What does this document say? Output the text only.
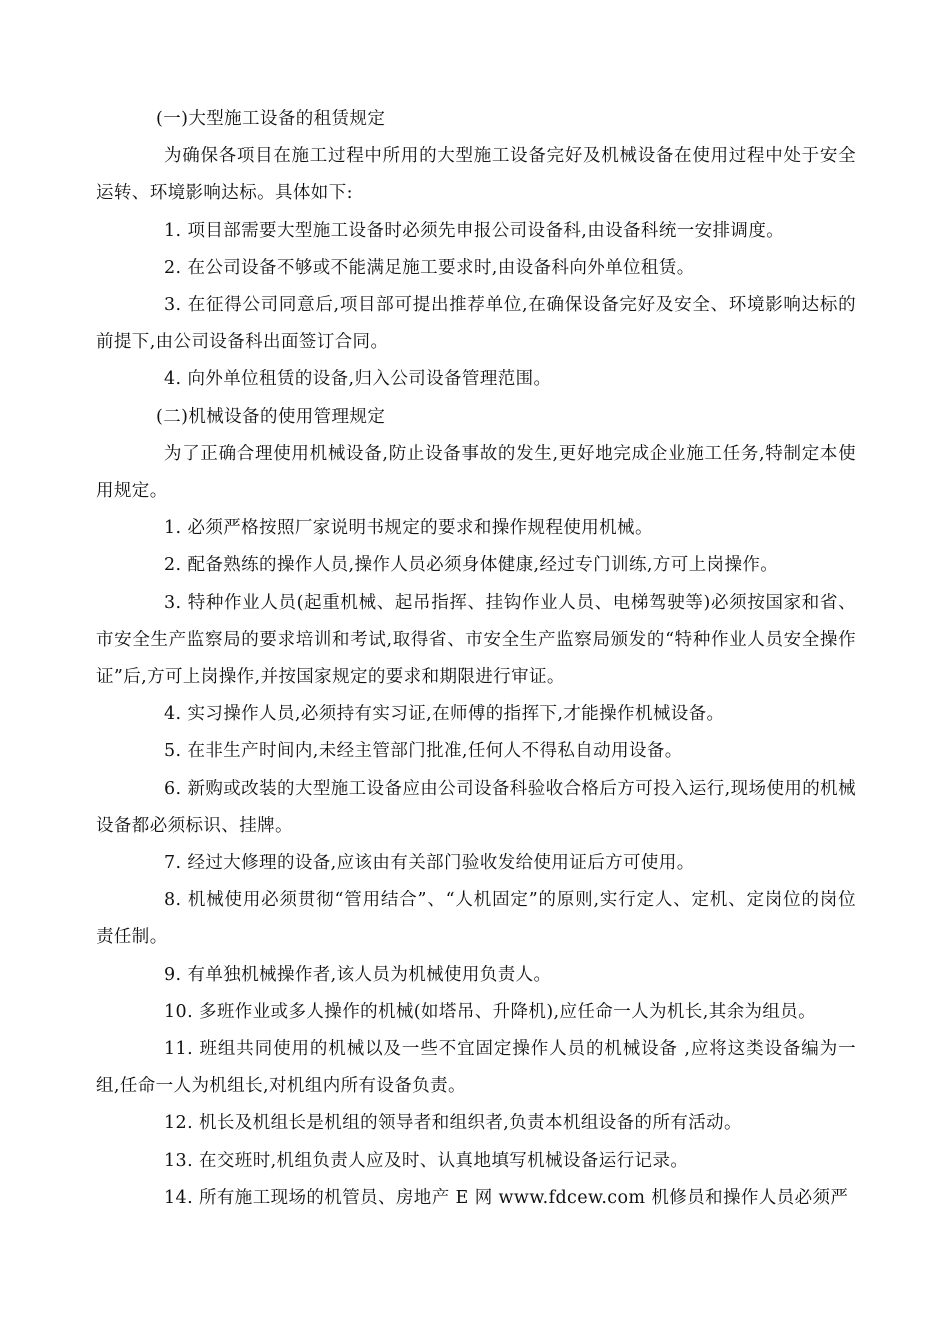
(一)大型施工设备的租赁规定

为确保各项目在施工过程中所用的大型施工设备完好及机械设备在使用过程中处于安全运转、环境影响达标。具体如下:

1. 项目部需要大型施工设备时必须先申报公司设备科,由设备科统一安排调度。

2. 在公司设备不够或不能满足施工要求时,由设备科向外单位租赁。

3. 在征得公司同意后,项目部可提出推荐单位,在确保设备完好及安全、环境影响达标的前提下,由公司设备科出面签订合同。

4. 向外单位租赁的设备,归入公司设备管理范围。

(二)机械设备的使用管理规定

为了正确合理使用机械设备,防止设备事故的发生,更好地完成企业施工任务,特制定本使用规定。

1. 必须严格按照厂家说明书规定的要求和操作规程使用机械。

2. 配备熟练的操作人员,操作人员必须身体健康,经过专门训练,方可上岗操作。

3. 特种作业人员(起重机械、起吊指挥、挂钩作业人员、电梯驾驶等)必须按国家和省、市安全生产监察局的要求培训和考试,取得省、市安全生产监察局颁发的“特种作业人员安全操作证”后,方可上岗操作,并按国家规定的要求和期限进行审证。

4. 实习操作人员,必须持有实习证,在师傅的指挥下,才能操作机械设备。

5. 在非生产时间内,未经主管部门批准,任何人不得私自动用设备。

6. 新购或改装的大型施工设备应由公司设备科验收合格后方可投入运行,现场使用的机械设备都必须标识、挂牌。

7. 经过大修理的设备,应该由有关部门验收发给使用证后方可使用。

8. 机械使用必须贯彻“管用结合”、“人机固定”的原则,实行定人、定机、定岗位的岗位责任制。

9. 有单独机械操作者,该人员为机械使用负责人。

10. 多班作业或多人操作的机械(如塔吊、升降机),应任命一人为机长,其余为组员。

11. 班组共同使用的机械以及一些不宜固定操作人员的机械设备 ,应将这类设备编为一组,任命一人为机组长,对机组内所有设备负责。

12. 机长及机组长是机组的领导者和组织者,负责本机组设备的所有活动。

13. 在交班时,机组负责人应及时、认真地填写机械设备运行记录。

14. 所有施工现场的机管员、房地产 E 网 www.fdcew.com 机修员和操作人员必须严
